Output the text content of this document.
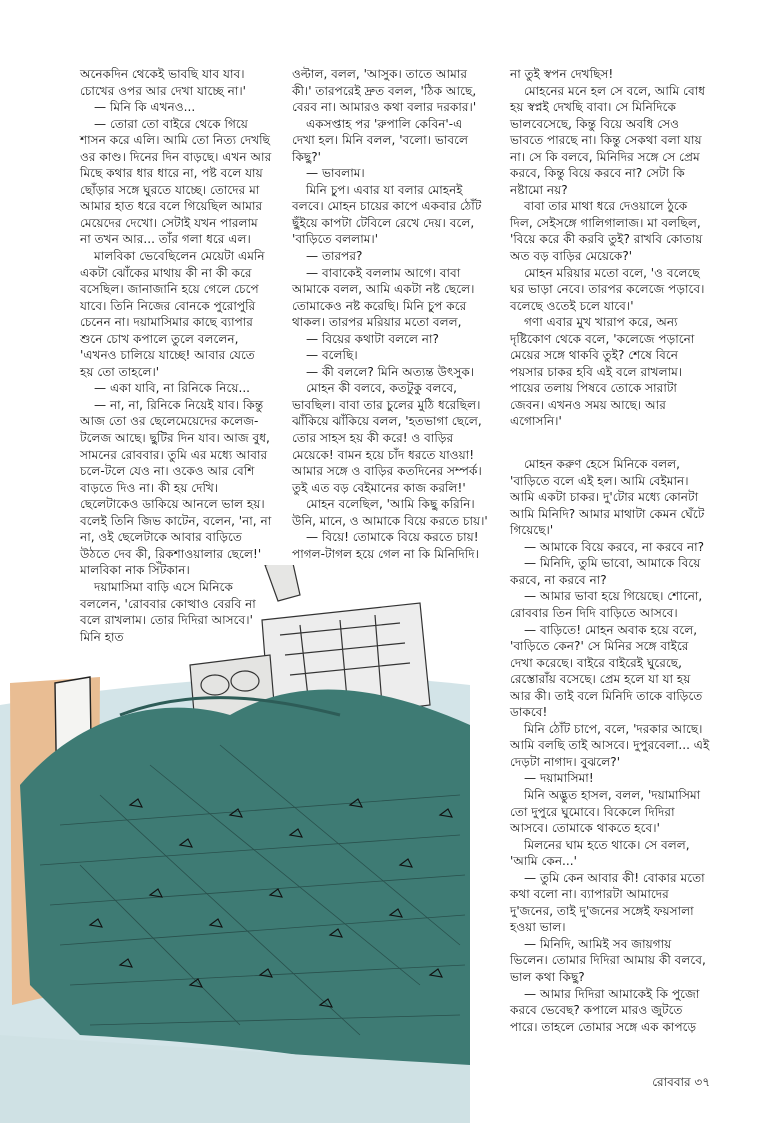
অনেকদিন থেকেই ভাবছি যাব যাব। চোখের ওপর আর দেখা যাচ্ছে না।'

— মিনি কি এখনও...

— তোরা তো বাইরে থেকে গিয়ে শাসন করে এলি। আমি তো নিত্য দেখছি ওর কাণ্ড। দিনের দিন বাড়ছে। এখন আর মিছে কথার ধার ধারে না, পষ্ট বলে যায় ছোঁড়ার সঙ্গে ঘুরতে যাচ্ছে। তোদের মা আমার হাত ধরে বলে গিয়েছিল আমার মেয়েদের দেখো। সেটাই যখন পারলাম না তখন আর... তাঁর গলা ধরে এল।

মালবিকা ভেবেছিলেন মেয়েটা এমনি একটা ঝোঁকের মাথায় কী না কী করে বসেছিল। জানাজানি হয়ে গেলে চেপে যাবে। তিনি নিজের বোনকে পুরোপুরি চেনেন না। দয়ামাসিমার কাছে ব্যাপার শুনে চোখ কপালে তুলে বললেন, 'এখনও চালিয়ে যাচ্ছে! আবার যেতে হয় তো তাহলে।'

— একা যাবি, না রিনিকে নিয়ে...

— না, না, রিনিকে নিয়েই যাব। কিন্তু আজ তো ওর ছেলেমেয়েদের কলেজ-টলেজ আছে। ছুটির দিন যাব। আজ বুধ, সামনের রোববার। তুমি এর মধ্যে আবার চলে-টলে যেও না। ওকেও আর বেশি বাড়তে দিও না। কী হয় দেখি। ছেলেটাকেও ডাকিয়ে আনলে ভাল হয়। বলেই তিনি জিভ কাটেন, বলেন, 'না, না না, ওই ছেলেটাকে আবার বাড়িতে উঠতে দেব কী, রিকশাওয়ালার ছেলে!' মালবিকা নাক সিঁটকান।

দয়ামাসিমা বাড়ি এসে মিনিকে বললেন, 'রোববার কোত্থাও বেরবি না বলে রাখলাম। তোর দিদিরা আসবে।' মিনি হাত

ওল্টাল, বলল, 'আসুক। তাতে আমার কী।' তারপরেই দ্রুত বলল, 'ঠিক আছে, বেরব না। আমারও কথা বলার দরকার।'

একসপ্তাহ পর 'রুপালি কেবিন'-এ দেখা হল। মিনি বলল, 'বলো। ভাবলে কিছু?'

— ভাবলাম।

মিনি চুপ। এবার যা বলার মোহনই বলবে। মোহন চায়ের কাপে একবার ঠোঁট ছুঁইয়ে কাপটা টেবিলে রেখে দেয়। বলে, 'বাড়িতে বললাম।'

— তারপর?

— বাবাকেই বললাম আগে। বাবা আমাকে বলল, আমি একটা নষ্ট ছেলে। তোমাকেও নষ্ট করেছি। মিনি চুপ করে থাকল। তারপর মরিয়ার মতো বলল,

— বিয়ের কথাটা বললে না?

— বলেছি।

— কী বললে? মিনি অত্যন্ত উৎসুক।

মোহন কী বলবে, কতটুকু বলবে, ভাবছিল। বাবা তার চুলের মুঠি ধরেছিল। ঝাঁকিয়ে ঝাঁকিয়ে বলল, 'হতভাগা ছেলে, তোর সাহস হয় কী করে! ও বাড়ির মেয়েকে! বামন হয়ে চাঁদ ধরতে যাওয়া! আমার সঙ্গে ও বাড়ির কতদিনের সম্পর্ক। তুই এত বড় বেইমানের কাজ করলি!'

মোহন বলেছিল, 'আমি কিছু করিনি। উনি, মানে, ও আমাকে বিয়ে করতে চায়।'

— বিয়ে! তোমাকে বিয়ে করতে চায়! পাগল-টাগল হয়ে গেল না কি মিনিদিদি।

না তুই স্বপন দেখছিস!

মোহনের মনে হল সে বলে, আমি বোধ হয় স্বপ্নই দেখছি বাবা। সে মিনিদিকে ভালবেসেছে, কিন্তু বিয়ে অবধি সেও ভাবতে পারছে না। কিন্তু সেকথা বলা যায় না। সে কি বলবে, মিনিদির সঙ্গে সে প্রেম করবে, কিন্তু বিয়ে করবে না? সেটা কি নষ্টামো নয়?

বাবা তার মাথা ধরে দেওয়ালে ঠুকে দিল, সেইসঙ্গে গালিগালাজ। মা বলছিল, 'বিয়ে করে কী করবি তুই? রাখবি কোতায় অত বড় বাড়ির মেয়েকে?'

মোহন মরিয়ার মতো বলে, 'ও বলেছে ঘর ভাড়া নেবে। তারপর কলেজে পড়াবে। বলেছে ওতেই চলে যাবে।'

গণা এবার মুখ খারাপ করে, অন্য দৃষ্টিকোণ থেকে বলে, 'কলেজে পড়ানো মেয়ের সঙ্গে থাকবি তুই? শেষে বিনে পয়সার চাকর হবি এই বলে রাখলাম। পায়ের তলায় পিষবে তোকে সারাটা জেবন। এখনও সময় আছে। আর এগোসনি।'

মোহন করুণ হেসে মিনিকে বলল, 'বাড়িতে বলে এই হল। আমি বেইমান। আমি একটা চাকর। দু'টোর মধ্যে কোনটা আমি মিনিদি? আমার মাথাটা কেমন ঘেঁটে গিয়েছে।'

— আমাকে বিয়ে করবে, না করবে না?

— মিনিদি, তুমি ভাবো, আমাকে বিয়ে করবে, না করবে না?

— আমার ভাবা হয়ে গিয়েছে। শোনো, রোববার তিন দিদি বাড়িতে আসবে।

— বাড়িতে! মোহন অবাক হয়ে বলে, 'বাড়িতে কেন?' সে মিনির সঙ্গে বাইরে দেখা করেছে। বাইরে বাইরেই ঘুরেছে, রেস্তোরাঁয় বসেছে। প্রেম হলে যা যা হয় আর কী। তাই বলে মিনিদি তাকে বাড়িতে ডাকবে!

মিনি ঠোঁট চাপে, বলে, 'দরকার আছে। আমি বলছি তাই আসবে। দুপুরবেলা... এই দেড়টা নাগাদ। বুঝলে?'

— দয়ামাসিমা!

মিনি অদ্ভুত হাসল, বলল, 'দয়ামাসিমা তো দুপুরে ঘুমোবে। বিকেলে দিদিরা আসবে। তোমাকে থাকতে হবে।'

মিলনের ঘাম হতে থাকে। সে বলল, 'আমি কেন...'

— তুমি কেন আবার কী! বোকার মতো কথা বলো না। ব্যাপারটা আমাদের দু'জনের, তাই দু'জনের সঙ্গেই ফয়সালা হওয়া ভাল।

— মিনিদি, আমিই সব জায়গায় ভিলেন। তোমার দিদিরা আমায় কী বলবে, ভাল কথা কিছু?

— আমার দিদিরা আমাকেই কি পুজো করবে ভেবেছ? কপালে মারও জুটতে পারে। তাহলে তোমার সঙ্গে এক কাপড়ে

রোববার ৩৭
